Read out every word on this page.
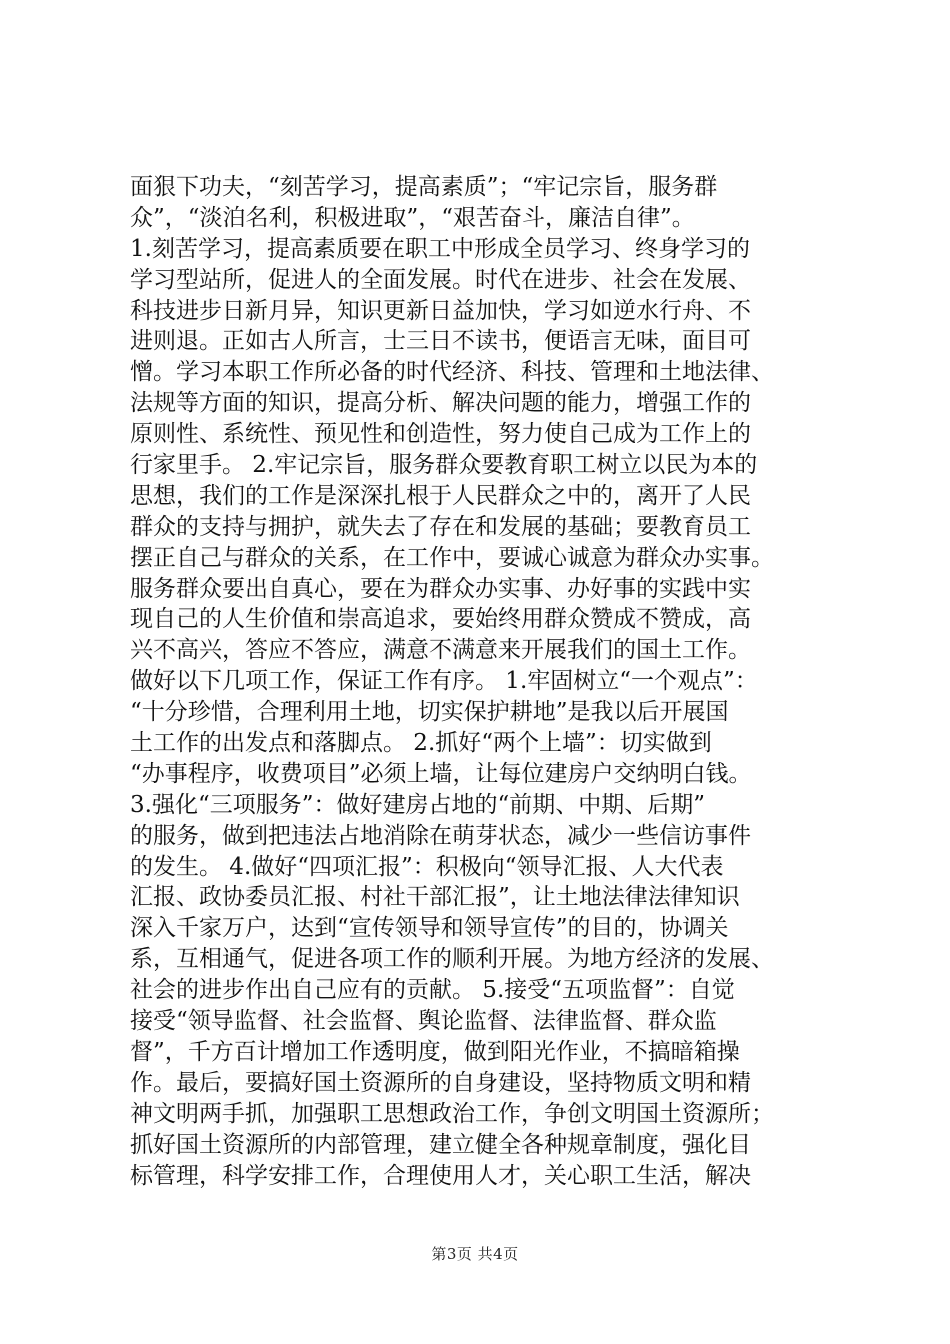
面狠下功夫，“刻苦学习，提高素质”；“牢记宗旨，服务群
众”，“淡泊名利，积极进取”，“艰苦奋斗，廉洁自律”。
1.刻苦学习，提高素质要在职工中形成全员学习、终身学习的
学习型站所，促进人的全面发展。时代在进步、社会在发展、
科技进步日新月异，知识更新日益加快，学习如逆水行舟、不
进则退。正如古人所言，士三日不读书，便语言无味，面目可
憎。学习本职工作所必备的时代经济、科技、管理和土地法律、
法规等方面的知识，提高分析、解决问题的能力，增强工作的
原则性、系统性、预见性和创造性，努力使自己成为工作上的
行家里手。 2.牢记宗旨，服务群众要教育职工树立以民为本的
思想，我们的工作是深深扎根于人民群众之中的，离开了人民
群众的支持与拥护，就失去了存在和发展的基础；要教育员工
摆正自己与群众的关系，在工作中，要诚心诚意为群众办实事。
服务群众要出自真心，要在为群众办实事、办好事的实践中实
现自己的人生价值和崇高追求，要始终用群众赞成不赞成，高
兴不高兴，答应不答应，满意不满意来开展我们的国土工作。
做好以下几项工作，保证工作有序。 1.牢固树立“一个观点”：
“十分珍惜，合理利用土地，切实保护耕地”是我以后开展国
土工作的出发点和落脚点。 2.抓好“两个上墙”：切实做到
“办事程序，收费项目”必须上墙，让每位建房户交纳明白钱。
3.强化“三项服务”：做好建房占地的“前期、中期、后期”
的服务，做到把违法占地消除在萌芽状态，减少一些信访事件
的发生。 4.做好“四项汇报”：积极向“领导汇报、人大代表
汇报、政协委员汇报、村社干部汇报”，让土地法律法律知识
深入千家万户，达到“宣传领导和领导宣传”的目的，协调关
系，互相通气，促进各项工作的顺利开展。为地方经济的发展、
社会的进步作出自己应有的贡献。 5.接受“五项监督”：自觉
接受“领导监督、社会监督、舆论监督、法律监督、群众监
督”，千方百计增加工作透明度，做到阳光作业，不搞暗箱操
作。最后，要搞好国土资源所的自身建设，坚持物质文明和精
神文明两手抓，加强职工思想政治工作，争创文明国土资源所；
抓好国土资源所的内部管理，建立健全各种规章制度，强化目
标管理，科学安排工作，合理使用人才，关心职工生活，解决
第3页 共4页
